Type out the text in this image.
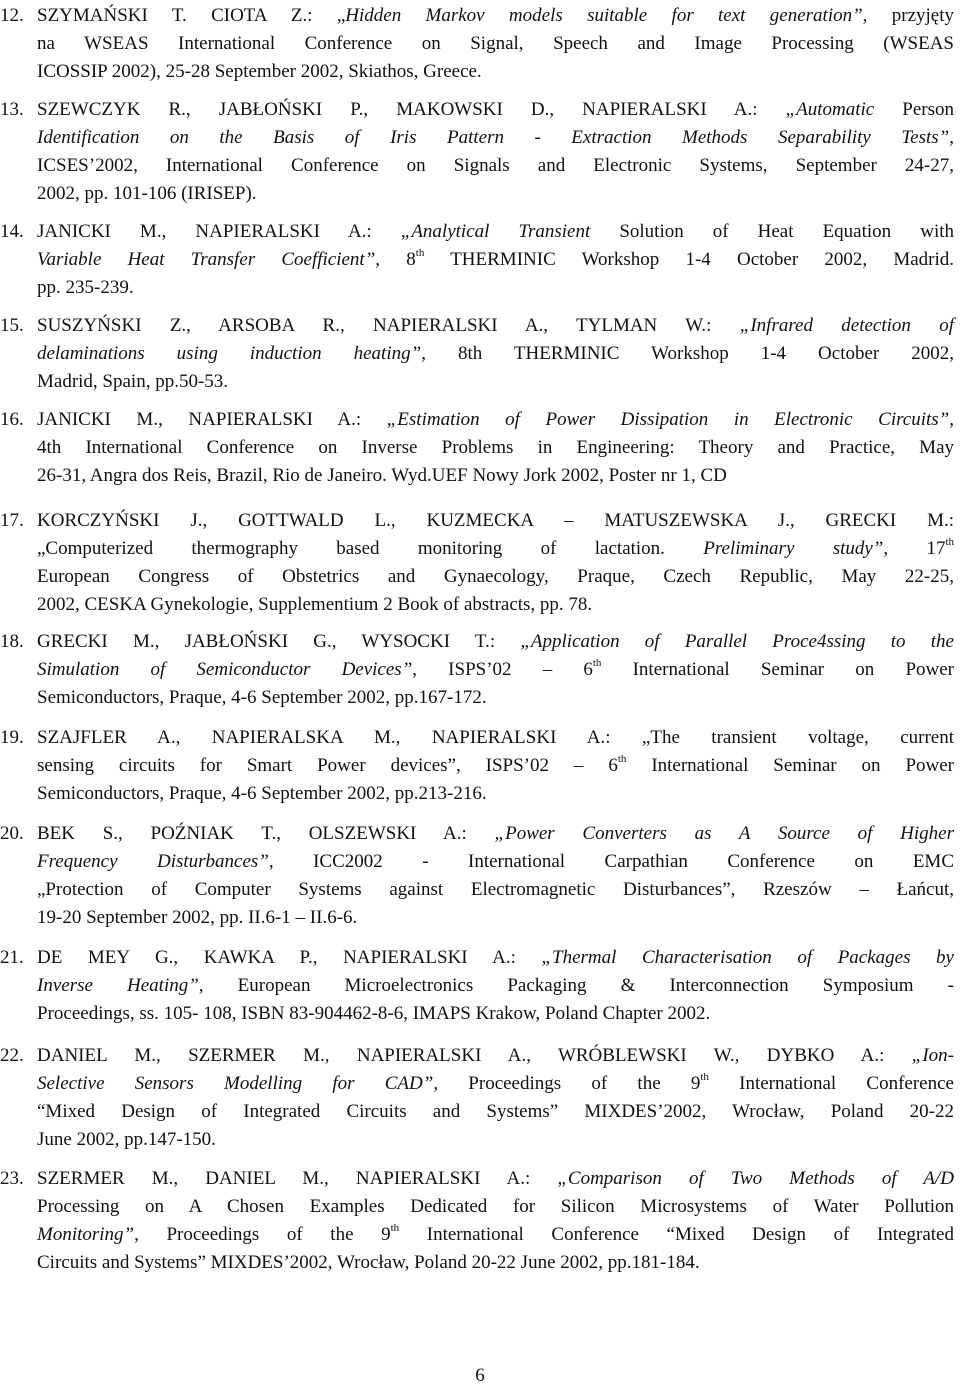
12. SZYMAŃSKI T. CIOTA Z.: „Hidden Markov models suitable for text generation”, przyjęty
na WSEAS International Conference on Signal, Speech and Image Processing (WSEAS
ICOSSIP 2002), 25-28 September 2002, Skiathos, Greece.
13. SZEWCZYK R., JABŁOŃSKI P., MAKOWSKI D., NAPIERALSKI A.: „Automatic Person
Identification on the Basis of Iris Pattern - Extraction Methods Separability Tests”,
ICSES’2002, International Conference on Signals and Electronic Systems, September 24-27,
2002, pp. 101-106 (IRISEP).
14. JANICKI M., NAPIERALSKI A.: „Analytical Transient Solution of Heat Equation with
Variable Heat Transfer Coefficient”, 8th THERMINIC Workshop 1-4 October 2002, Madrid.
pp. 235-239.
15. SUSZYŃSKI Z., ARSOBA R., NAPIERALSKI A., TYLMAN W.: „Infrared detection of
delaminations using induction heating”, 8th THERMINIC Workshop 1-4 October 2002,
Madrid, Spain, pp.50-53.
16. JANICKI M., NAPIERALSKI A.: „Estimation of Power Dissipation in Electronic Circuits”,
4th International Conference on Inverse Problems in Engineering: Theory and Practice, May
26-31, Angra dos Reis, Brazil, Rio de Janeiro. Wyd.UEF Nowy Jork 2002, Poster nr 1, CD
17. KORCZYŃSKI J., GOTTWALD L., KUZMECKA – MATUSZEWSKA J., GRECKI M.:
„Computerized thermography based monitoring of lactation. Preliminary study”, 17th
European Congress of Obstetrics and Gynaecology, Praque, Czech Republic, May 22-25,
2002, CESKA Gynekologie, Supplementium 2 Book of abstracts, pp. 78.
18. GRECKI M., JABŁOŃSKI G., WYSOCKI T.: „Application of Parallel Proce4ssing to the
Simulation of Semiconductor Devices”, ISPS’02 – 6th International Seminar on Power
Semiconductors, Praque, 4-6 September 2002, pp.167-172.
19. SZAJFLER A., NAPIERALSKA M., NAPIERALSKI A.: „The transient voltage, current
sensing circuits for Smart Power devices”, ISPS’02 – 6th International Seminar on Power
Semiconductors, Praque, 4-6 September 2002, pp.213-216.
20. BEK S., POŹNIAK T., OLSZEWSKI A.: „Power Converters as A Source of Higher
Frequency Disturbances”, ICC2002 - International Carpathian Conference on EMC
„Protection of Computer Systems against Electromagnetic Disturbances”, Rzeszów – Łańcut,
19-20 September 2002, pp. II.6-1 – II.6-6.
21. DE MEY G., KAWKA P., NAPIERALSKI A.: „Thermal Characterisation of Packages by
Inverse Heating”, European Microelectronics Packaging & Interconnection Symposium -
Proceedings, ss. 105- 108, ISBN 83-904462-8-6, IMAPS Krakow, Poland Chapter 2002.
22. DANIEL M., SZERMER M., NAPIERALSKI A., WRÓBLEWSKI W., DYBKO A.: „Ion-
Selective Sensors Modelling for CAD”, Proceedings of the 9th International Conference
“Mixed Design of Integrated Circuits and Systems” MIXDES’2002, Wrocław, Poland 20-22
June 2002, pp.147-150.
23. SZERMER M., DANIEL M., NAPIERALSKI A.: „Comparison of Two Methods of A/D
Processing on A Chosen Examples Dedicated for Silicon Microsystems of Water Pollution
Monitoring”, Proceedings of the 9th International Conference “Mixed Design of Integrated
Circuits and Systems” MIXDES’2002, Wrocław, Poland 20-22 June 2002, pp.181-184.
6
